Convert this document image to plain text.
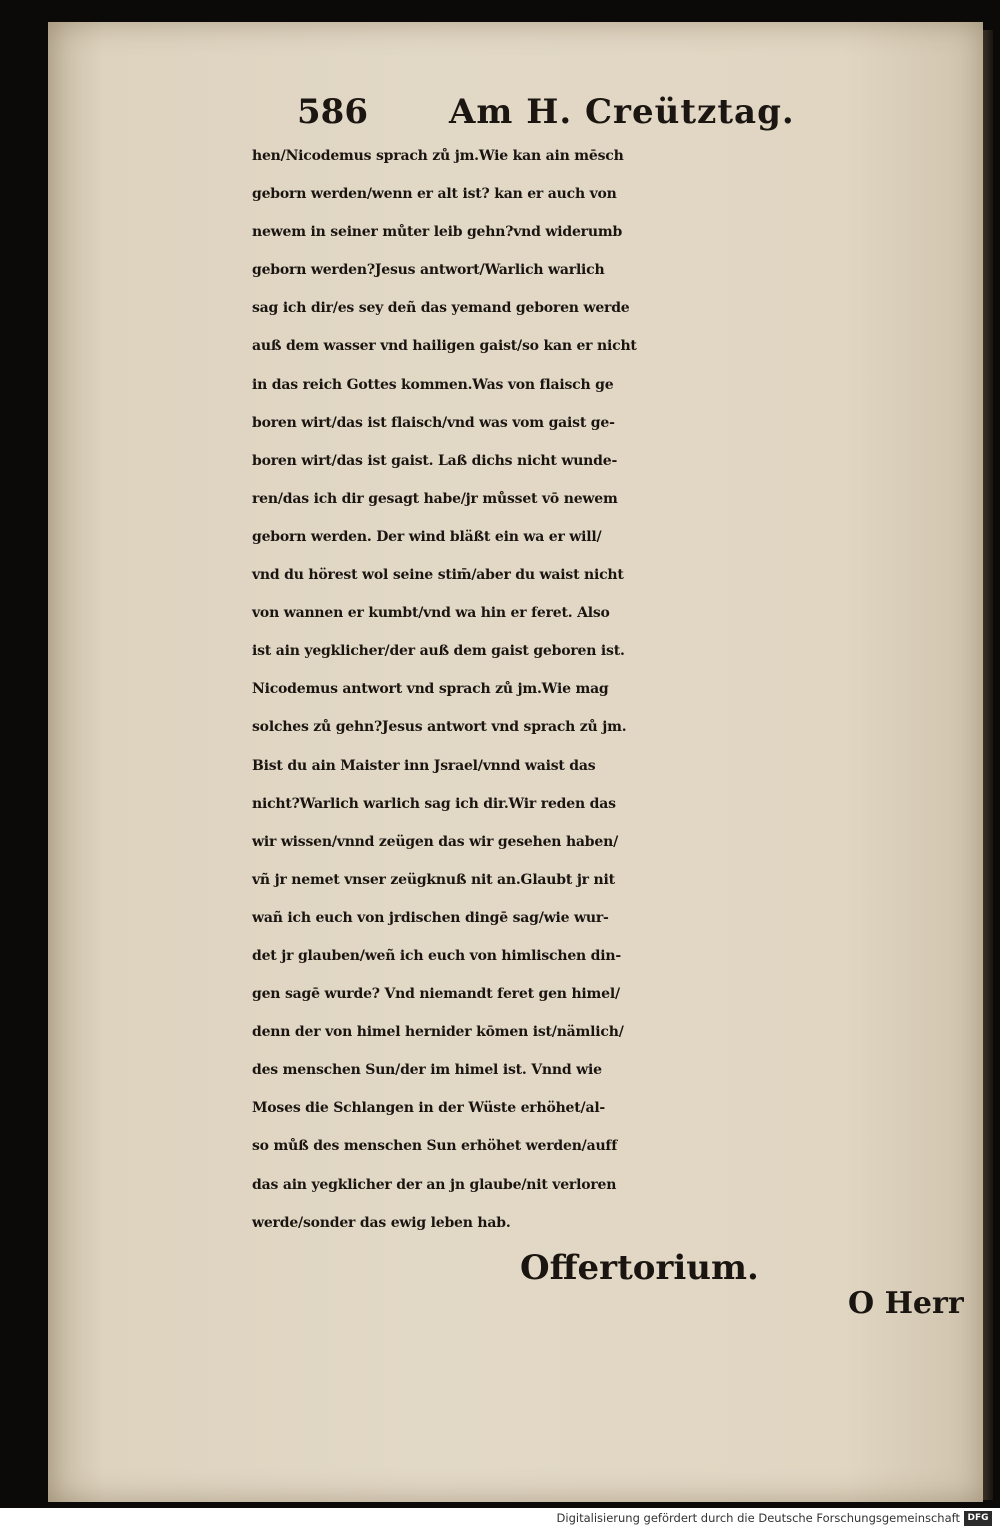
586 Am H. Creütztag.
hen/Nicodemus sprach zů jm.Wie kan ain mēsch
geborn werden/wenn er alt ist? kan er auch von
newem in seiner můter leib gehn?vnd widerumb
geborn werden?Jesus antwort/Warlich warlich
sag ich dir/es sey deñ das yemand geboren werde
auß dem wasser vnd hailigen gaist/so kan er nicht
in das reich Gottes kommen.Was von flaisch ge
boren wirt/das ist flaisch/vnd was vom gaist ge-
boren wirt/das ist gaist. Laß dichs nicht wunde-
ren/das ich dir gesagt habe/jr můsset vō newem
geborn werden. Der wind bläßt ein wa er will/
vnd du hörest wol seine stim̄/aber du waist nicht
von wannen er kumbt/vnd wa hin er feret. Also
ist ain yegklicher/der auß dem gaist geboren ist.
Nicodemus antwort vnd sprach zů jm.Wie mag
solches zů gehn?Jesus antwort vnd sprach zů jm.
Bist du ain Maister inn Jsrael/vnnd waist das
nicht?Warlich warlich sag ich dir.Wir reden das
wir wissen/vnnd zeügen das wir gesehen haben/
vñ jr nemet vnser zeügknuß nit an.Glaubt jr nit
wañ ich euch von jrdischen dingē sag/wie wur-
det jr glauben/weñ ich euch von himlischen din-
gen sagē wurde? Vnd niemandt feret gen himel/
denn der von himel hernider kōmen ist/nämlich/
des menschen Sun/der im himel ist. Vnnd wie
Moses die Schlangen in der Wüste erhöhet/al-
so můß des menschen Sun erhöhet werden/auff
das ain yegklicher der an jn glaube/nit verloren
werde/sonder das ewig leben hab.
Offertorium.
O Herr
Digitalisierung gefördert durch die Deutsche Forschungsgemeinschaft DFG
